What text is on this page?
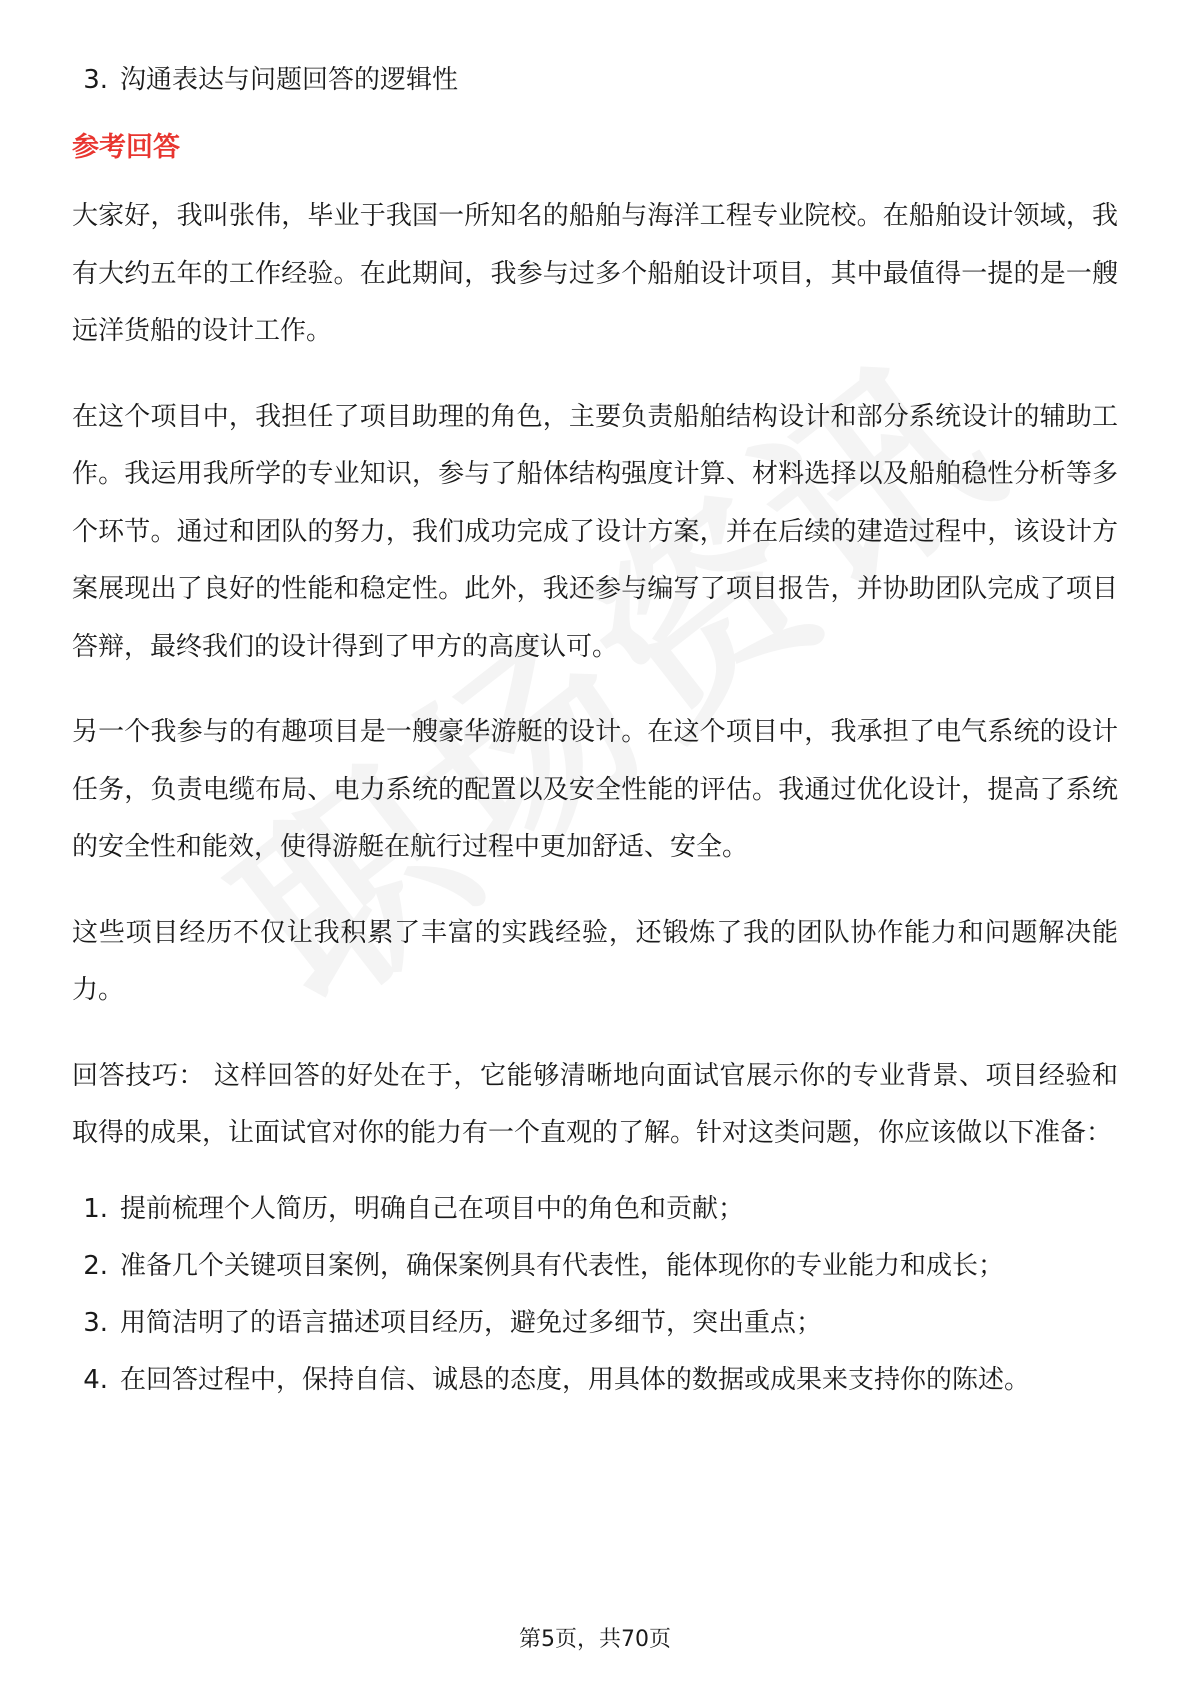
3. 沟通表达与问题回答的逻辑性
参考回答

大家好，我叫张伟，毕业于我国一所知名的船舶与海洋工程专业院校。在船舶设计领域，我有大约五年的工作经验。在此期间，我参与过多个船舶设计项目，其中最值得一提的是一艘远洋货船的设计工作。

在这个项目中，我担任了项目助理的角色，主要负责船舶结构设计和部分系统设计的辅助工作。我运用我所学的专业知识，参与了船体结构强度计算、材料选择以及船舶稳性分析等多个环节。通过和团队的努力，我们成功完成了设计方案，并在后续的建造过程中，该设计方案展现出了良好的性能和稳定性。此外，我还参与编写了项目报告，并协助团队完成了项目答辩，最终我们的设计得到了甲方的高度认可。

另一个我参与的有趣项目是一艘豪华游艇的设计。在这个项目中，我承担了电气系统的设计任务，负责电缆布局、电力系统的配置以及安全性能的评估。我通过优化设计，提高了系统的安全性和能效，使得游艇在航行过程中更加舒适、安全。

这些项目经历不仅让我积累了丰富的实践经验，还锻炼了我的团队协作能力和问题解决能力。

回答技巧： 这样回答的好处在于，它能够清晰地向面试官展示你的专业背景、项目经验和取得的成果，让面试官对你的能力有一个直观的了解。针对这类问题，你应该做以下准备：

1. 提前梳理个人简历，明确自己在项目中的角色和贡献；
2. 准备几个关键项目案例，确保案例具有代表性，能体现你的专业能力和成长；
3. 用简洁明了的语言描述项目经历，避免过多细节，突出重点；
4. 在回答过程中，保持自信、诚恳的态度，用具体的数据或成果来支持你的陈述。
第5页，共70页
